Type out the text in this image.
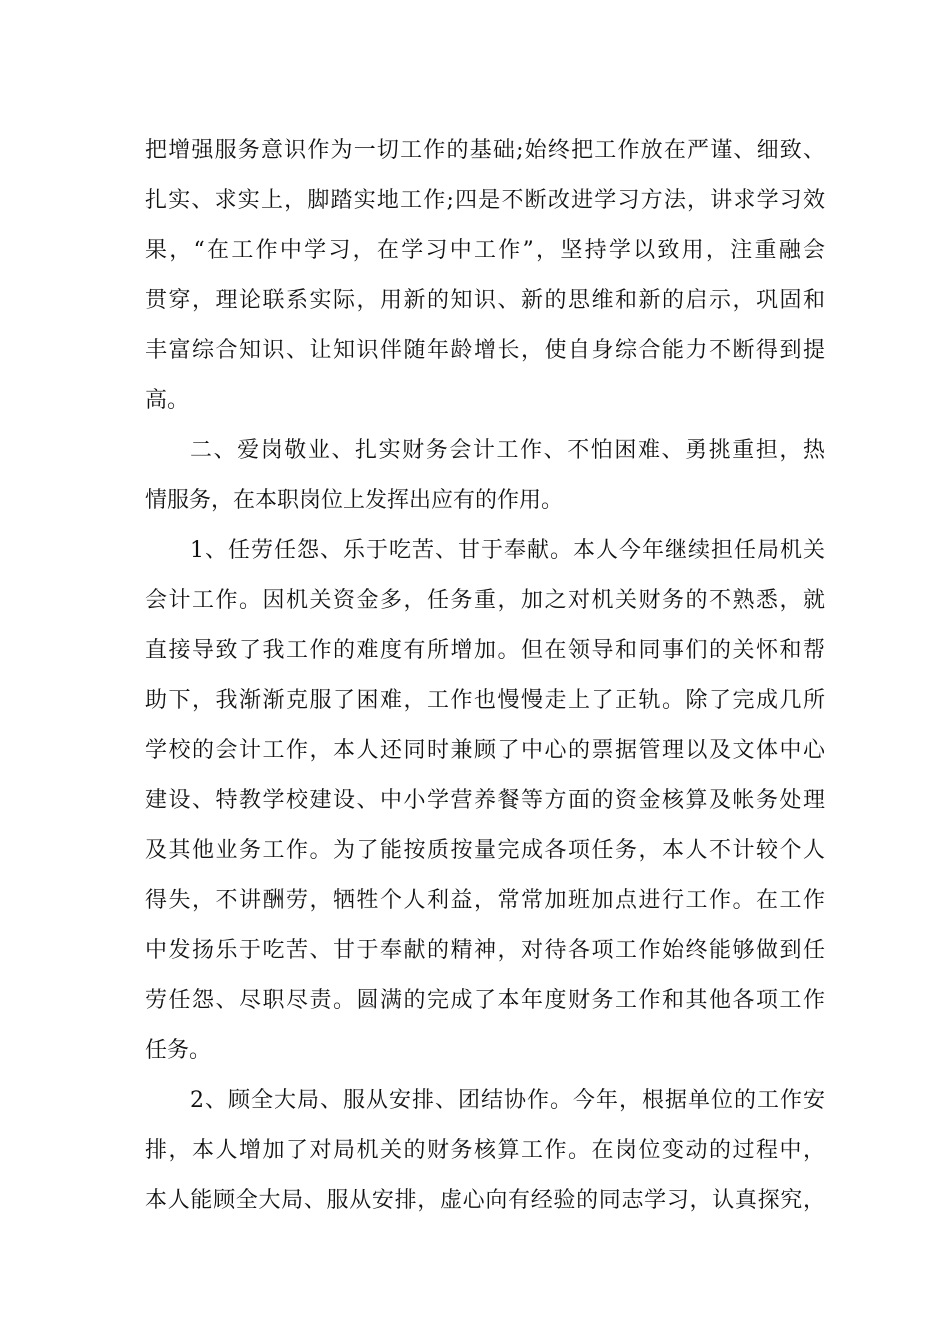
把增强服务意识作为一切工作的基础;始终把工作放在严谨、细致、
扎实、求实上，脚踏实地工作;四是不断改进学习方法，讲求学习效
果，“在工作中学习，在学习中工作”，坚持学以致用，注重融会
贯穿，理论联系实际，用新的知识、新的思维和新的启示，巩固和
丰富综合知识、让知识伴随年龄增长，使自身综合能力不断得到提
高。
二、爱岗敬业、扎实财务会计工作、不怕困难、勇挑重担，热
情服务，在本职岗位上发挥出应有的作用。
1、任劳任怨、乐于吃苦、甘于奉献。本人今年继续担任局机关
会计工作。因机关资金多，任务重，加之对机关财务的不熟悉，就
直接导致了我工作的难度有所增加。但在领导和同事们的关怀和帮
助下，我渐渐克服了困难，工作也慢慢走上了正轨。除了完成几所
学校的会计工作，本人还同时兼顾了中心的票据管理以及文体中心
建设、特教学校建设、中小学营养餐等方面的资金核算及帐务处理
及其他业务工作。为了能按质按量完成各项任务，本人不计较个人
得失，不讲酬劳，牺牲个人利益，常常加班加点进行工作。在工作
中发扬乐于吃苦、甘于奉献的精神，对待各项工作始终能够做到任
劳任怨、尽职尽责。圆满的完成了本年度财务工作和其他各项工作
任务。
2、顾全大局、服从安排、团结协作。今年，根据单位的工作安
排，本人增加了对局机关的财务核算工作。在岗位变动的过程中，
本人能顾全大局、服从安排，虚心向有经验的同志学习，认真探究，
